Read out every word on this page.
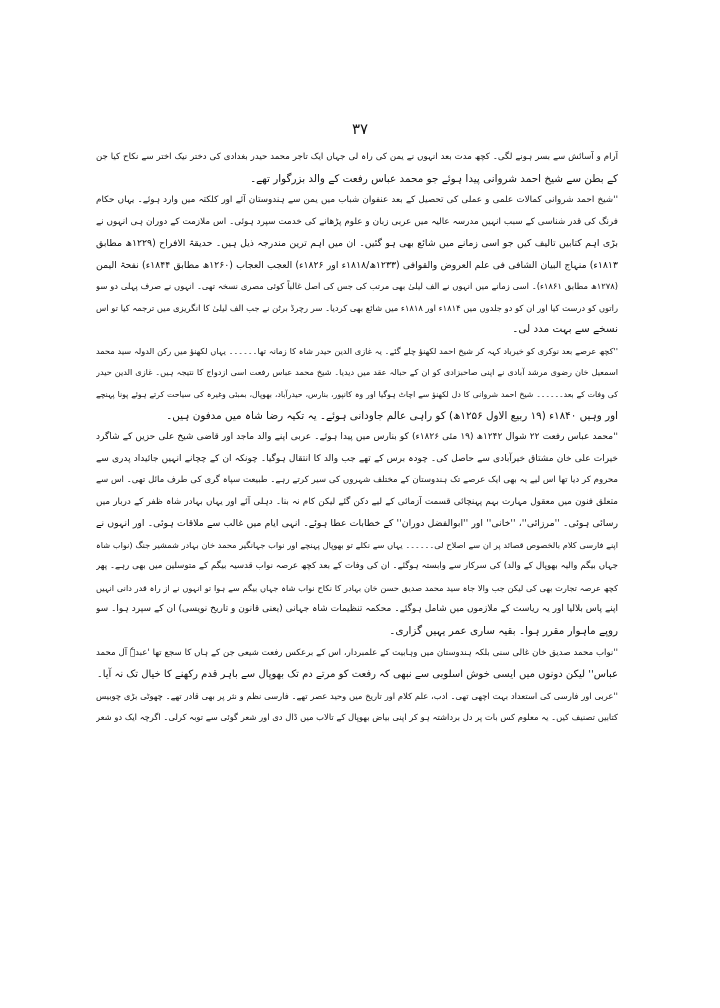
۳۷
آرام و آسائش سے بسر ہونے لگی۔ کچھ مدت بعد انہوں نے یمن کی راہ لی جہاں ایک تاجر محمد حیدر بغدادی کی دختر نیک اختر سے نکاح کیا جن
کے بطن سے شیخ احمد شروانی پیدا ہوئے جو محمد عباس رفعت کے والد بزرگوار تھے۔
''شیخ احمد شروانی کمالات علمی و عملی کی تحصیل کے بعد عنفوان شباب میں یمن سے ہندوستان آئے اور کلکتہ میں وارد ہوئے۔ یہاں حکام
فرنگ کی قدر شناسی کے سبب انہیں مدرسہ عالیہ میں عربی زبان و علوم پڑھانے کی خدمت سپرد ہوئی۔ اس ملازمت کے دوران ہی انہوں نے
بڑی اہم کتابیں تالیف کیں جو اسی زمانے میں شائع بھی ہو گئیں۔ ان میں اہم ترین مندرجہ ذیل ہیں۔ حدیقۃ الافراح (۱۲۲۹ھ مطابق
۱۸۱۳ء) منہاج البیان الشافی فی علم العروض والقوافی (۱۲۳۳ھ/۱۸۱۸ء اور ۱۸۲۶ء) العجب العجاب (۱۲۶۰ھ مطابق ۱۸۴۴ء) نفحۃ الیمن
(۱۲۷۸ھ مطابق ۱۸۶۱ء)۔ اسی زمانے میں انہوں نے الف لیلیٰ بھی مرتب کی جس کی اصل غالباً کوئی مصری نسخہ تھی۔ انہوں نے صرف پہلی دو سو
راتوں کو درست کیا اور ان کو دو جلدوں میں ۱۸۱۴ء اور ۱۸۱۸ء میں شائع بھی کردیا۔ سر رچرڈ برٹن نے جب الف لیلیٰ کا انگریزی میں ترجمہ کیا تو اس
نسخے سے بہت مدد لی۔
''کچھ عرصے بعد نوکری کو خیرباد کہہ کر شیخ احمد لکھنؤ چلے گئے۔ یہ غازی الدین حیدر شاہ کا زمانہ تھا۔۔۔۔۔۔ یہاں لکھنؤ میں رکن الدولہ سید محمد
اسمعیل خان رضوی مرشد آبادی نے اپنی صاحبزادی کو ان کے حبالہ عقد میں دیدیا۔ شیخ محمد عباس رفعت اسی ازدواج کا نتیجہ ہیں۔ غازی الدین حیدر
کی وفات کے بعد۔۔۔۔۔۔ شیخ احمد شروانی کا دل لکھنؤ سے اچاٹ ہوگیا اور وہ کانپور، بنارس، حیدرآباد، بھوپال، بمبئی وغیرہ کی سیاحت کرتے ہوئے پونا پہنچے
اور وہیں ۱۸۴۰ء (۱۹ ربیع الاول ۱۲۵۶ھ) کو راہی عالم جاودانی ہوئے۔ یہ تکیہ رضا شاہ میں مدفون ہیں۔
''محمد عباس رفعت ۲۲ شوال ۱۲۴۲ھ (۱۹ مئی ۱۸۲۶ء) کو بنارس میں پیدا ہوئے۔ عربی اپنے والد ماجد اور قاضی شیخ علی حزیں کے شاگرد
خیرات علی خان مشتاق خیرآبادی سے حاصل کی۔ چودہ برس کے تھے جب والد کا انتقال ہوگیا۔ چونکہ ان کے چچانے انہیں جائیداد پدری سے
محروم کر دیا تھا اس لیے یہ بھی ایک عرصے تک ہندوستان کے مختلف شہروں کی سیر کرتے رہے۔ طبیعت سپاہ گری کی طرف مائل تھی۔ اس سے
متعلق فنون میں معقول مہارت بہم پہنچائی قسمت آزمائی کے لیے دکن گئے لیکن کام نہ بنا۔ دہلی آئے اور یہاں بہادر شاہ ظفر کے دربار میں
رسائی ہوئی۔ ''مرزائی''، ''خانی'' اور ''ابوالفضل دوران'' کے خطابات عطا ہوئے۔ انہی ایام میں غالب سے ملاقات ہوئی۔ اور انہوں نے
اپنے فارسی کلام بالخصوص قصائد پر ان سے اصلاح لی۔۔۔۔۔۔ یہاں سے نکلے تو بھوپال پہنچے اور نواب جہانگیر محمد خان بہادر شمشیر جنگ (نواب شاہ
جہاں بیگم والیہ بھوپال کے والد) کی سرکار سے وابستہ ہوگئے۔ ان کی وفات کے بعد کچھ عرصہ نواب قدسیہ بیگم کے متوسلین میں بھی رہے۔ پھر
کچھ عرصہ تجارت بھی کی لیکن جب والا جاہ سید محمد صدیق حسن خان بہادر کا نکاح نواب شاہ جہاں بیگم سے ہوا تو انہوں نے از راہ قدر دانی انہیں
اپنے پاس بلالیا اور یہ ریاست کے ملازموں میں شامل ہوگئے۔ محکمہ تنظیمات شاہ جہانی (یعنی قانون و تاریخ نویسی) ان کے سپرد ہوا۔ سو
روپے ماہوار مقرر ہوا۔ بقیہ ساری عمر یہیں گزاری۔
''نواب محمد صدیق خان غالی سنی بلکہ ہندوستان میں وہابیت کے علمبردار، اس کے برعکس رفعت شیعی جن کے ہاں کا سجع تھا 'عبدہٗ آل محمد
عباس'' لیکن دونوں میں ایسی خوش اسلوبی سے نبھی کہ رفعت کو مرتے دم تک بھوپال سے باہر قدم رکھنے کا خیال تک نہ آیا۔
''عربی اور فارسی کی استعداد بہت اچھی تھی۔ ادب، علم کلام اور تاریخ میں وحید عصر تھے۔ فارسی نظم و نثر پر بھی قادر تھے۔ چھوٹی بڑی چوبیس
کتابیں تصنیف کیں۔ یہ معلوم کس بات پر دل برداشتہ ہو کر اپنی بیاض بھوپال کے تالاب میں ڈال دی اور شعر گوئی سے توبہ کرلی۔ اگرچہ ایک دو شعر
